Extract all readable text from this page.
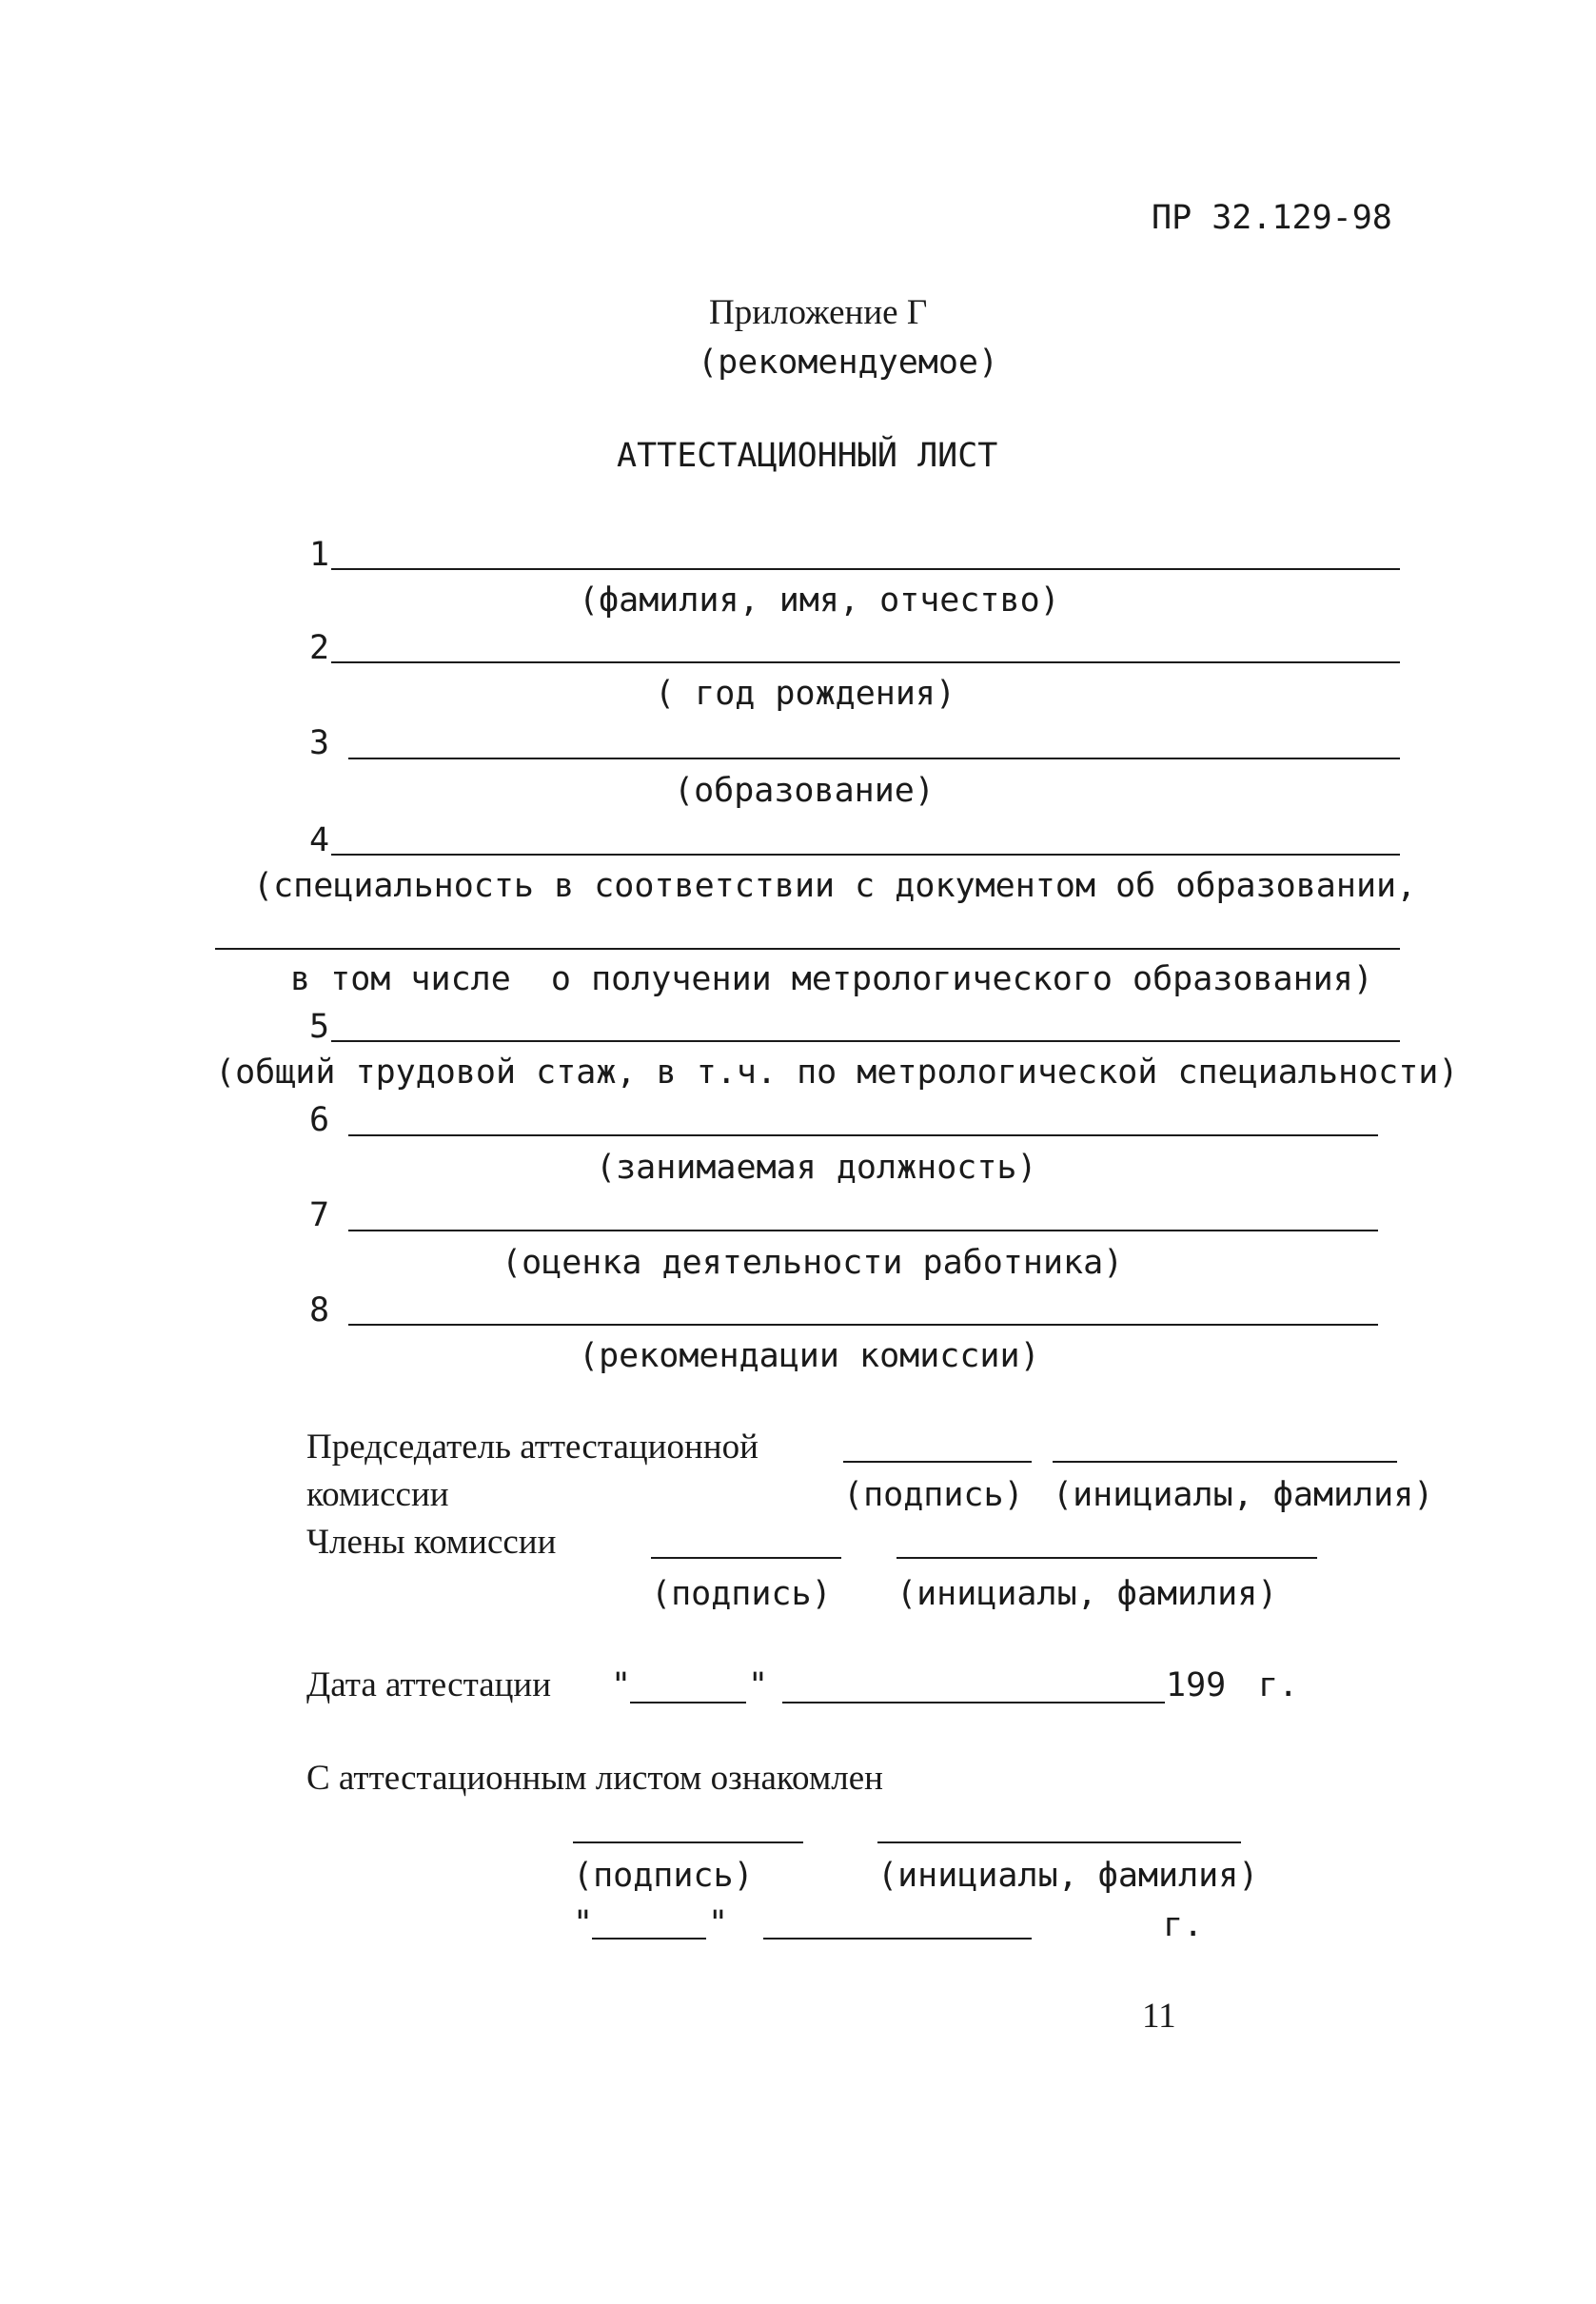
ПР 32.129-98
Приложение Г
(рекомендуемое)
АТТЕСТАЦИОННЫЙ ЛИСТ
1
(фамилия, имя, отчество)
2
( год рождения)
3
(образование)
4
(специальность в соответствии с документом об образовании,
в том числе  о получении метрологического образования)
5
(общий трудовой стаж, в т.ч. по метрологической специальности)
6
(занимаемая должность)
7
(оценка деятельности работника)
8
(рекомендации комиссии)
Председатель аттестационной
комиссии	(подпись) (инициалы, фамилия)
Члены комиссии
(подпись) (инициалы, фамилия)
Дата аттестации "	"	199 г.
С аттестационным листом ознакомлен
(подпись)	(инициалы, фамилия)
"	"	г.
11
